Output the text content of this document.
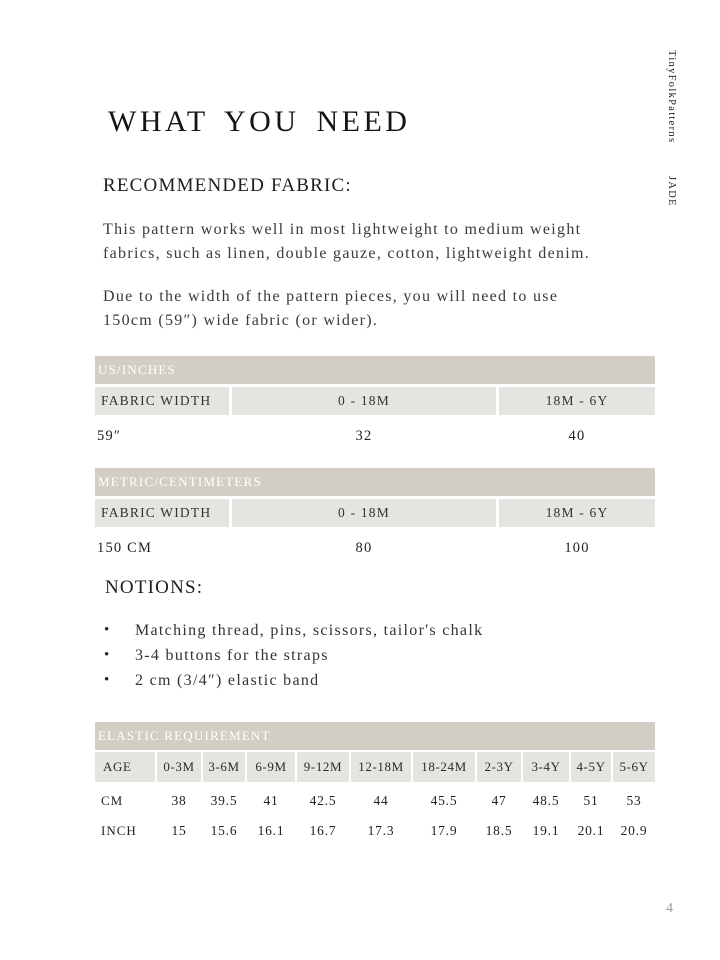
TinyFolkPatterns
JADE
WHAT YOU NEED
RECOMMENDED FABRIC:
This pattern works well in most lightweight to medium weight
fabrics, such as linen, double gauze, cotton, lightweight denim.
Due to the width of the pattern pieces, you will need to use
150cm (59″) wide fabric (or wider).
US/INCHES
FABRIC WIDTH	0 - 18M	18M - 6Y
59″	32	40
METRIC/CENTIMETERS
FABRIC WIDTH	0 - 18M	18M - 6Y
150 CM	80	100
NOTIONS:
•	Matching thread, pins, scissors, tailor's chalk
•	3-4 buttons for the straps
•	2 cm (3/4″) elastic band
ELASTIC REQUIREMENT
AGE	0-3M	3-6M	6-9M	9-12M	12-18M	18-24M	2-3Y	3-4Y	4-5Y	5-6Y
CM	38	39.5	41	42.5	44	45.5	47	48.5	51	53
INCH	15	15.6	16.1	16.7	17.3	17.9	18.5	19.1	20.1	20.9
4
